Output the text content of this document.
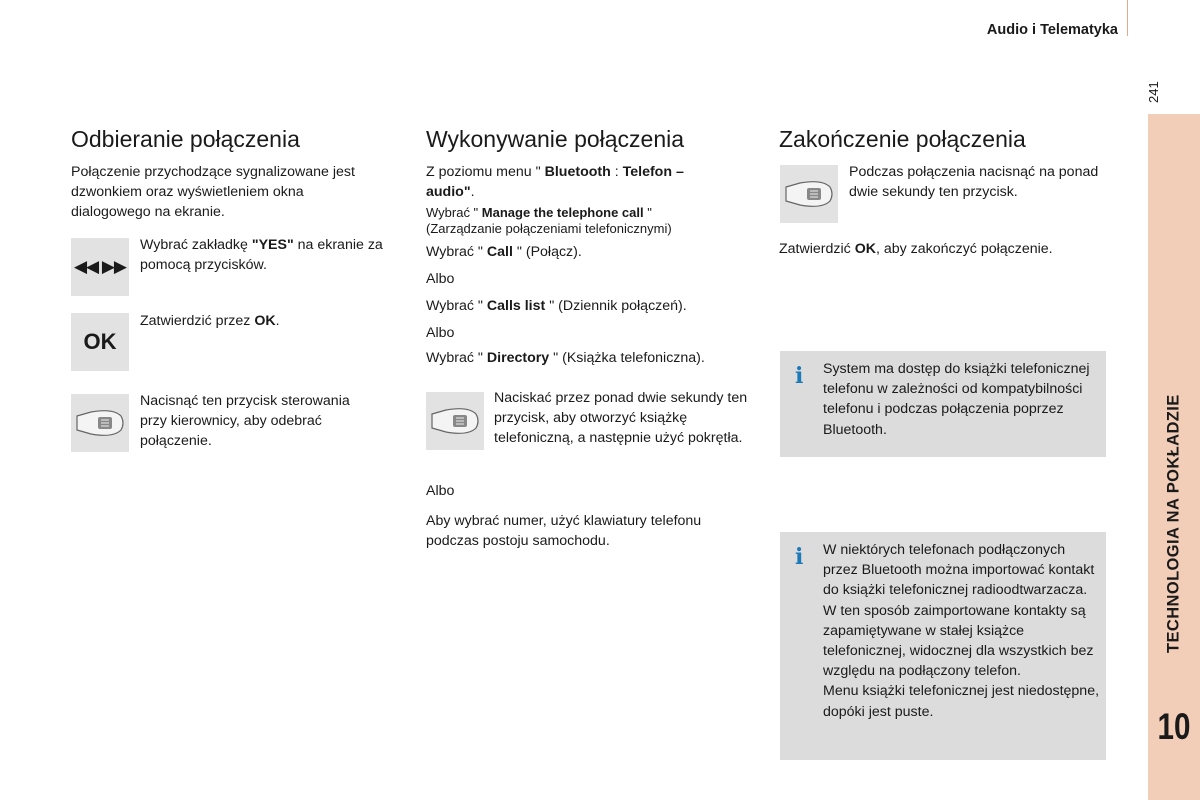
Audio i Telematyka
241
TECHNOLOGIA NA POKŁADZIE
10
Odbieranie połączenia
Połączenie przychodzące sygnalizowane jest dzwonkiem oraz wyświetleniem okna dialogowego na ekranie.
◀◀ ▶▶
Wybrać zakładkę "YES" na ekranie za pomocą przycisków.
OK
Zatwierdzić przez OK.
Nacisnąć ten przycisk sterowania przy kierownicy, aby odebrać połączenie.
Wykonywanie połączenia
Z poziomu menu " Bluetooth : Telefon – audio".

Wybrać " Manage the telephone call "

(Zarządzanie połączeniami telefonicznymi)

Wybrać " Call " (Połącz).
Albo
Wybrać " Calls list " (Dziennik połączeń).
Albo
Wybrać " Directory " (Książka telefoniczna).
Naciskać przez ponad dwie sekundy ten przycisk, aby otworzyć książkę telefoniczną, a następnie użyć pokrętła.
Albo
Aby wybrać numer, użyć klawiatury telefonu podczas postoju samochodu.
Zakończenie połączenia
Podczas połączenia nacisnąć na ponad dwie sekundy ten przycisk.
Zatwierdzić OK, aby zakończyć połączenie.
i System ma dostęp do książki telefonicznej telefonu w zależności od kompatybilności telefonu i podczas połączenia poprzez Bluetooth.
i W niektórych telefonach podłączonych przez Bluetooth można importować kontakt do książki telefonicznej radioodtwarzacza.

W ten sposób zaimportowane kontakty są zapamiętywane w stałej książce telefonicznej, widocznej dla wszystkich bez względu na podłączony telefon.

Menu książki telefonicznej jest niedostępne, dopóki jest puste.
